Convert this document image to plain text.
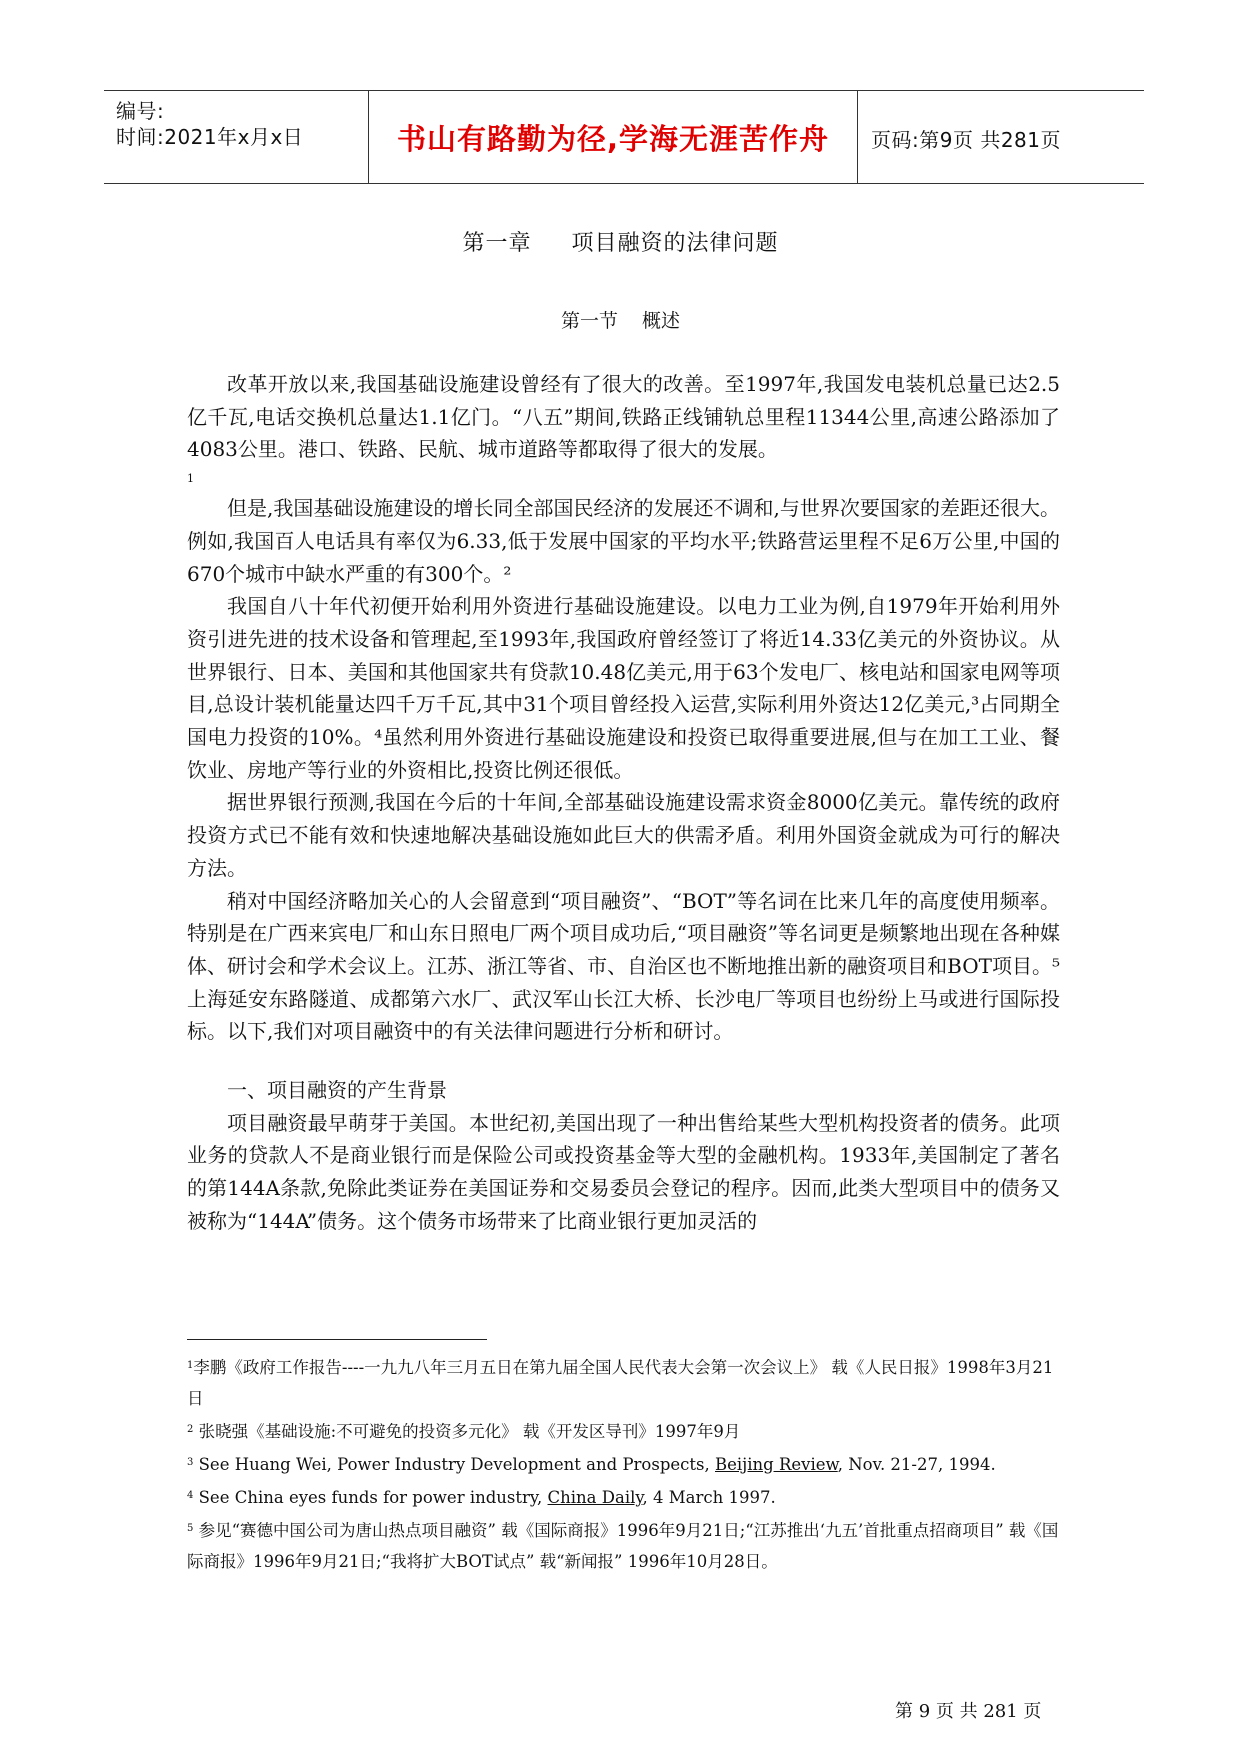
编号:
时间:2021年x月x日	书山有路勤为径,学海无涯苦作舟	页码:第9页 共281页
第一章 项目融资的法律问题
第一节 概述

改革开放以来,我国基础设施建设曾经有了很大的改善。至1997年,我国发电装机总量已达2.5亿千瓦,电话交换机总量达1.1亿门。“八五”期间,铁路正线铺轨总里程11344公里,高速公路添加了4083公里。港口、铁路、民航、城市道路等都取得了很大的发展。

1

但是,我国基础设施建设的增长同全部国民经济的发展还不调和,与世界次要国家的差距还很大。例如,我国百人电话具有率仅为6.33,低于发展中国家的平均水平;铁路营运里程不足6万公里,中国的670个城市中缺水严重的有300个。²

我国自八十年代初便开始利用外资进行基础设施建设。以电力工业为例,自1979年开始利用外资引进先进的技术设备和管理起,至1993年,我国政府曾经签订了将近14.33亿美元的外资协议。从世界银行、日本、美国和其他国家共有贷款10.48亿美元,用于63个发电厂、核电站和国家电网等项目,总设计装机能量达四千万千瓦,其中31个项目曾经投入运营,实际利用外资达12亿美元,³占同期全国电力投资的10%。⁴虽然利用外资进行基础设施建设和投资已取得重要进展,但与在加工工业、餐饮业、房地产等行业的外资相比,投资比例还很低。

据世界银行预测,我国在今后的十年间,全部基础设施建设需求资金8000亿美元。靠传统的政府投资方式已不能有效和快速地解决基础设施如此巨大的供需矛盾。利用外国资金就成为可行的解决方法。

稍对中国经济略加关心的人会留意到“项目融资”、“BOT”等名词在比来几年的高度使用频率。特别是在广西来宾电厂和山东日照电厂两个项目成功后,“项目融资”等名词更是频繁地出现在各种媒体、研讨会和学术会议上。江苏、浙江等省、市、自治区也不断地推出新的融资项目和BOT项目。⁵上海延安东路隧道、成都第六水厂、武汉军山长江大桥、长沙电厂等项目也纷纷上马或进行国际投标。以下,我们对项目融资中的有关法律问题进行分析和研讨。

一、项目融资的产生背景

项目融资最早萌芽于美国。本世纪初,美国出现了一种出售给某些大型机构投资者的债务。此项业务的贷款人不是商业银行而是保险公司或投资基金等大型的金融机构。1933年,美国制定了著名的第144A条款,免除此类证券在美国证券和交易委员会登记的程序。因而,此类大型项目中的债务又被称为“144A”债务。这个债务市场带来了比商业银行更加灵活的

$^1$李鹏《政府工作报告----一九九八年三月五日在第九届全国人民代表大会第一次会议上》 载《人民日报》1998年3月21日
$^2$ 张晓强《基础设施:不可避免的投资多元化》 载《开发区导刊》1997年9月
$^3$ See Huang Wei, Power Industry Development and Prospects, Beijing Review, Nov. 21-27, 1994.
$^4$ See China eyes funds for power industry, China Daily, 4 March 1997.
$^5$ 参见“赛德中国公司为唐山热点项目融资” 载《国际商报》1996年9月21日;“江苏推出‘九五’首批重点招商项目” 载《国际商报》1996年9月21日;“我将扩大BOT试点” 载“新闻报” 1996年10月28日。
第 9 页 共 281 页
